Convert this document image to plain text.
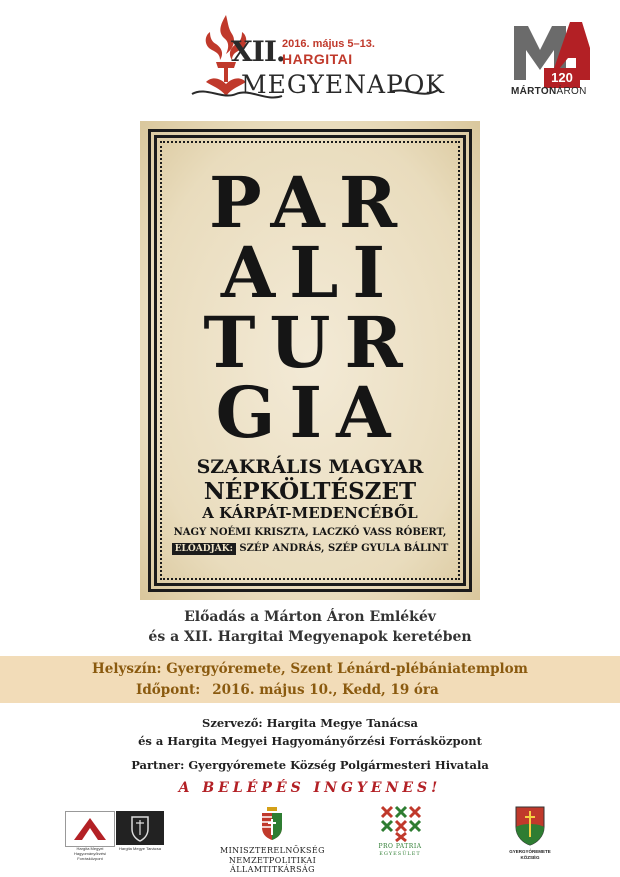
XII.
2016. május 5–13.
HARGITAI
MEGYENAPOK	120
MÁRTONÁRON
PAR
ALI
TUR
GIA
SZAKRÁLIS MAGYAR
NÉPKÖLTÉSZET
A KÁRPÁT-MEDENCÉBŐL
NAGY NOÉMI KRISZTA, LACZKÓ VASS RÓBERT,
ELŐADJÁK: SZÉP ANDRÁS, SZÉP GYULA BÁLINT
Előadás a Márton Áron Emlékév
és a XII. Hargitai Megyenapok keretében
Helyszín: Gyergyóremete, Szent Lénárd-plébániatemplom
Időpont: 2016. május 10., Kedd, 19 óra
Szervező: Hargita Megye Tanácsa
és a Hargita Megyei Hagyományőrzési Forrásközpont
Partner: Gyergyóremete Község Polgármesteri Hivatala
A BELÉPÉS INGYENES!
Hargita Megyei Hagyományőrzési Forrásközpont
Hargita Megye Tanácsa	MINISZTERELNÖKSÉG
NEMZETPOLITIKAI ÁLLAMTITKÁRSÁG
PRO PATRIA
EGYESÜLET	GYERGYÓREMETE
KÖZSÉG
